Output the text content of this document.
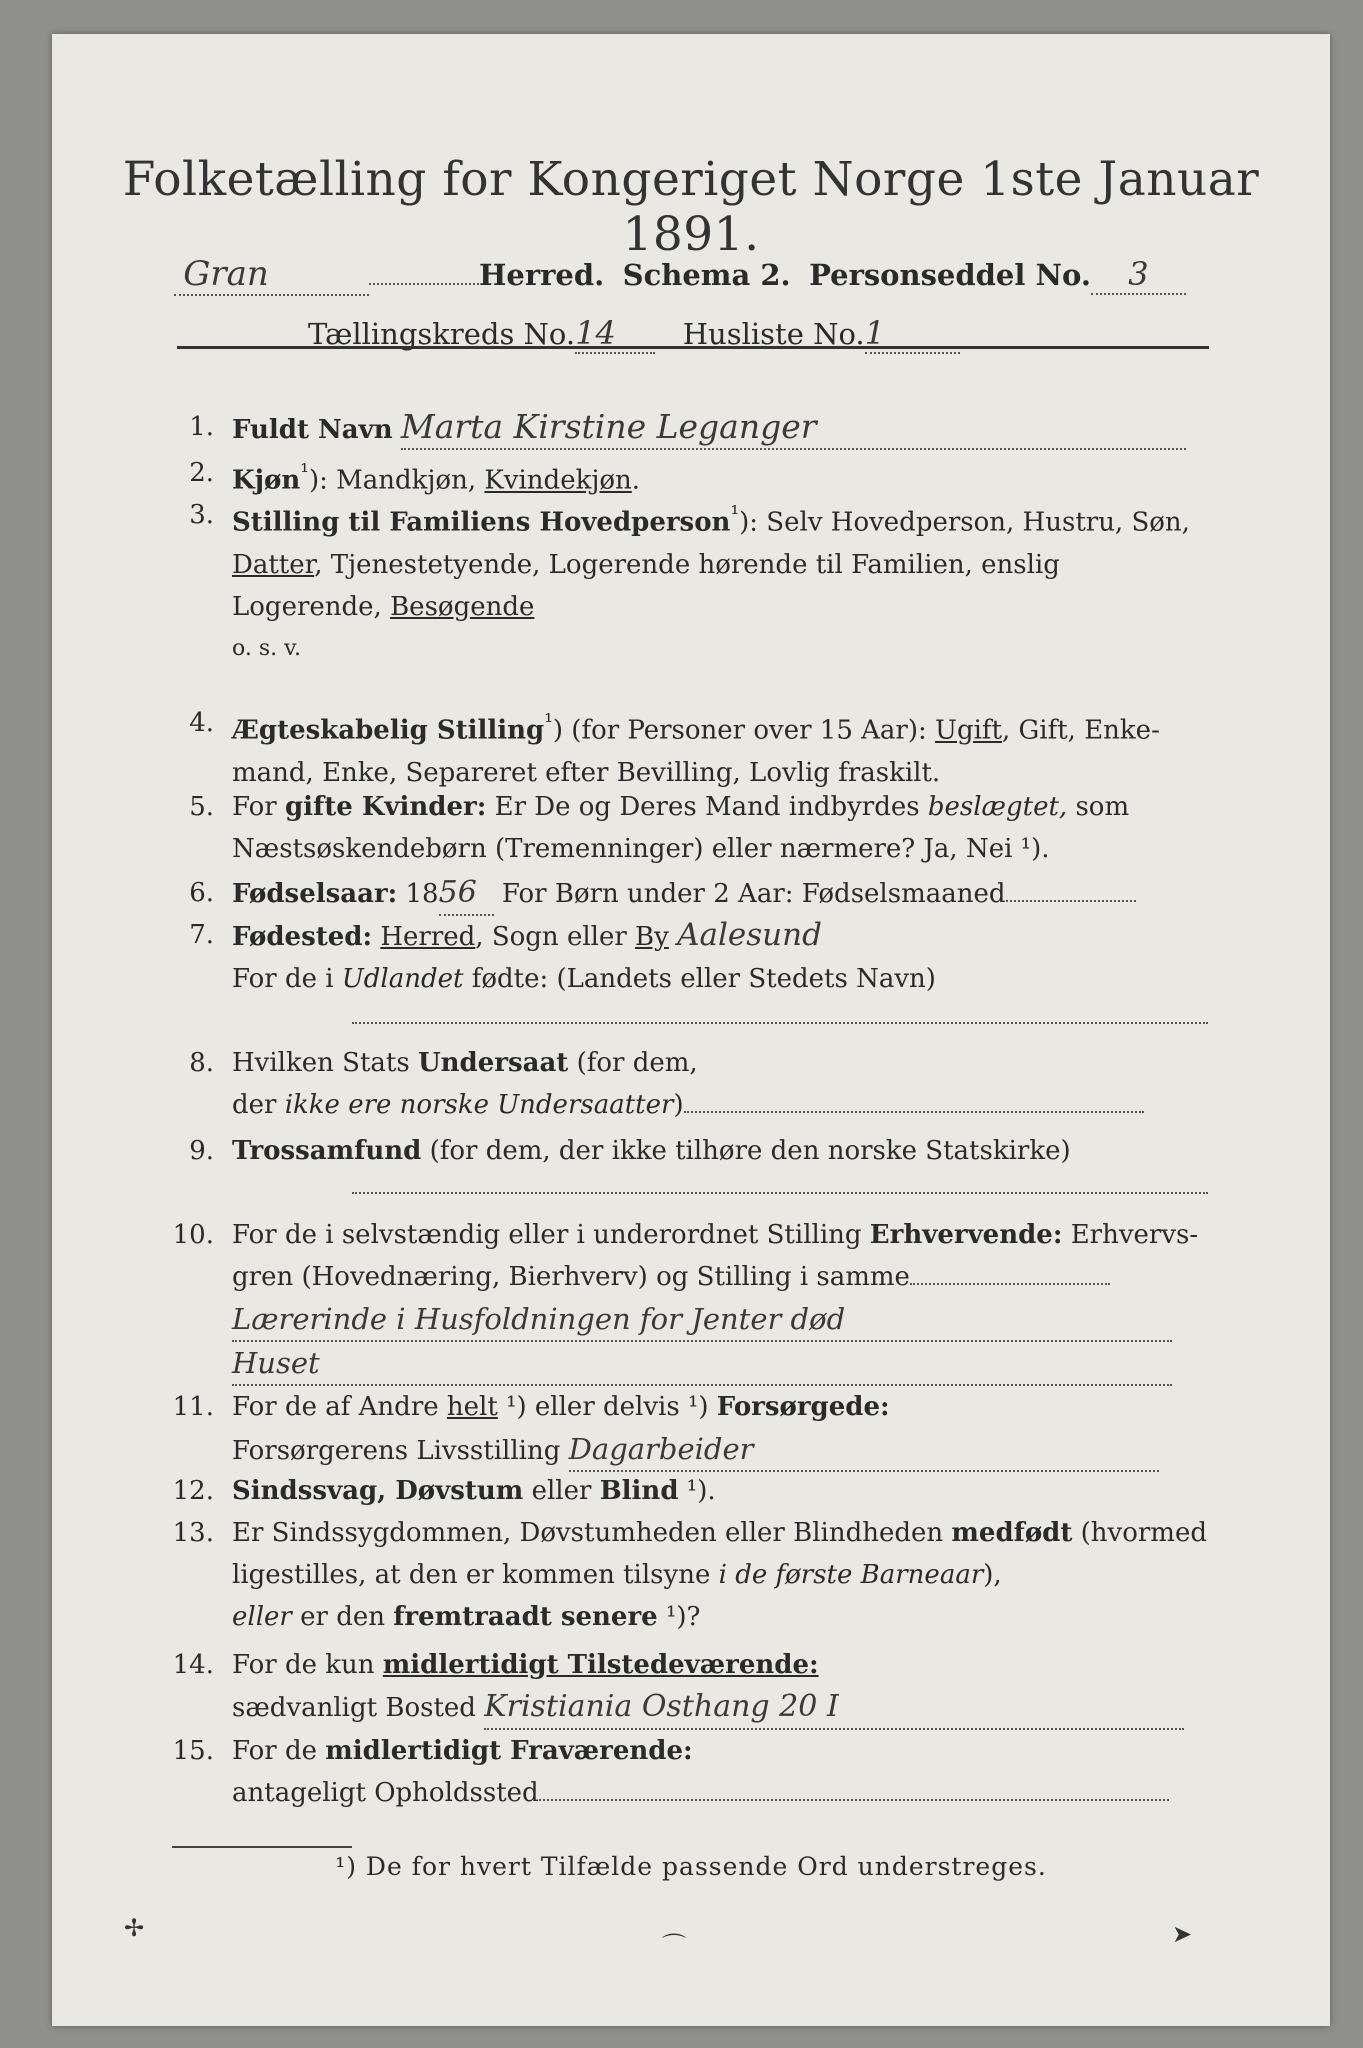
Folketælling for Kongeriget Norge 1ste Januar 1891.
Gran	Herred. Schema 2. Personseddel No. 3
Tællingskreds No.14 Husliste No.1
1. Fuldt Navn Marta Kirstine Leganger
2. Kjøn$^{^1}$): Mandkjøn, Kvindekjøn.
3. Stilling til Familiens Hovedperson$^{^1}$): Selv Hovedperson, Hustru, Søn,
Datter, Tjenestetyende, Logerende hørende til Familien, enslig
Logerende, Besøgende
o. s. v.
4. Ægteskabelig Stilling$^{^1}$) (for Personer over 15 Aar): Ugift, Gift, Enke-
mand, Enke, Separeret efter Bevilling, Lovlig fraskilt.
5. For gifte Kvinder: Er De og Deres Mand indbyrdes beslægtet, som
Næstsøskendebørn (Tremenninger) eller nærmere? Ja, Nei ¹).
6. Fødselsaar: 1856 For Børn under 2 Aar: Fødselsmaaned
7. Fødested: Herred, Sogn eller By Aalesund
For de i Udlandet fødte: (Landets eller Stedets Navn)
8. Hvilken Stats Undersaat (for dem,
der ikke ere norske Undersaatter)
9. Trossamfund (for dem, der ikke tilhøre den norske Statskirke)
10. For de i selvstændig eller i underordnet Stilling Erhvervende: Erhvervs-
gren (Hovednæring, Bierhverv) og Stilling i samme
Lærerinde i Husfoldningen for Jenter død Huset
11. For de af Andre helt ¹) eller delvis ¹) Forsørgede:
Forsørgerens Livsstilling Dagarbeider
12. Sindssvag, Døvstum eller Blind ¹).
13. Er Sindssygdommen, Døvstumheden eller Blindheden medfødt (hvormed
ligestilles, at den er kommen tilsyne i de første Barneaar),
eller er den fremtraadt senere ¹)?
14. For de kun midlertidigt Tilstedeværende:
sædvanligt Bosted Kristiania Osthang 20 I
15. For de midlertidigt Fraværende:
antageligt Opholdssted
¹) De for hvert Tilfælde passende Ord understreges.
✢
⌒	➤
